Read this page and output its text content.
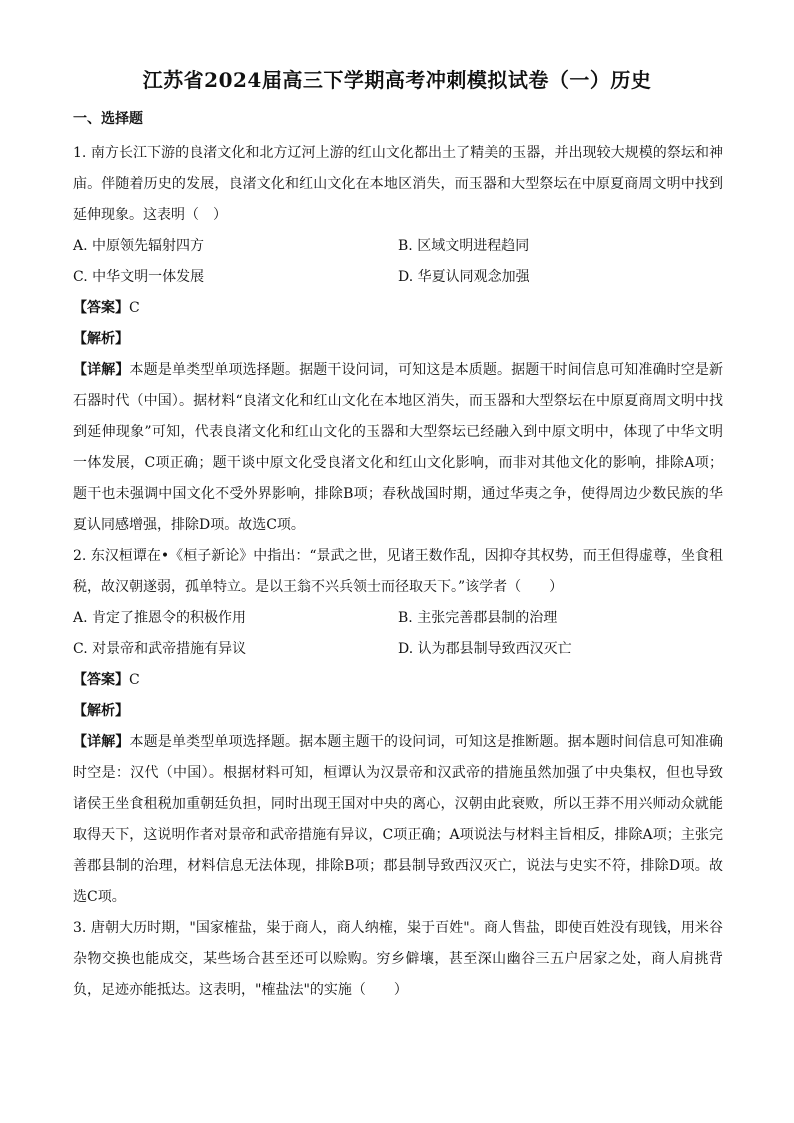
江苏省2024届高三下学期高考冲刺模拟试卷（一）历史
一、选择题

1. 南方长江下游的良渚文化和北方辽河上游的红山文化都出土了精美的玉器，并出现较大规模的祭坛和神庙。伴随着历史的发展，良渚文化和红山文化在本地区消失，而玉器和大型祭坛在中原夏商周文明中找到延伸现象。这表明（　）

A. 中原领先辐射四方	B. 区域文明进程趋同
C. 中华文明一体发展	D. 华夏认同观念加强

【答案】C

【解析】

【详解】本题是单类型单项选择题。据题干设问词，可知这是本质题。据题干时间信息可知准确时空是新石器时代（中国）。据材料“良渚文化和红山文化在本地区消失，而玉器和大型祭坛在中原夏商周文明中找到延伸现象”可知，代表良渚文化和红山文化的玉器和大型祭坛已经融入到中原文明中，体现了中华文明一体发展，C项正确；题干谈中原文化受良渚文化和红山文化影响，而非对其他文化的影响，排除A项；题干也未强调中国文化不受外界影响，排除B项；春秋战国时期，通过华夷之争，使得周边少数民族的华夏认同感增强，排除D项。故选C项。

2. 东汉桓谭在•《桓子新论》中指出：“景武之世，见诸王数作乱，因抑夺其权势，而王但得虚尊，坐食租税，故汉朝遂弱，孤单特立。是以王翁不兴兵领士而径取天下。”该学者（　　）

A. 肯定了推恩令的积极作用	B. 主张完善郡县制的治理
C. 对景帝和武帝措施有异议	D. 认为郡县制导致西汉灭亡

【答案】C

【解析】

【详解】本题是单类型单项选择题。据本题主题干的设问词，可知这是推断题。据本题时间信息可知准确时空是：汉代（中国）。根据材料可知，桓谭认为汉景帝和汉武帝的措施虽然加强了中央集权，但也导致诸侯王坐食租税加重朝廷负担，同时出现王国对中央的离心，汉朝由此衰败，所以王莽不用兴师动众就能取得天下，这说明作者对景帝和武帝措施有异议，C项正确；A项说法与材料主旨相反，排除A项；主张完善郡县制的治理，材料信息无法体现，排除B项；郡县制导致西汉灭亡，说法与史实不符，排除D项。故选C项。

3. 唐朝大历时期，"国家榷盐，粜于商人，商人纳榷，粜于百姓"。商人售盐，即使百姓没有现钱，用米谷杂物交换也能成交，某些场合甚至还可以赊购。穷乡僻壤，甚至深山幽谷三五户居家之处，商人肩挑背负，足迹亦能抵达。这表明，"榷盐法"的实施（　　）
